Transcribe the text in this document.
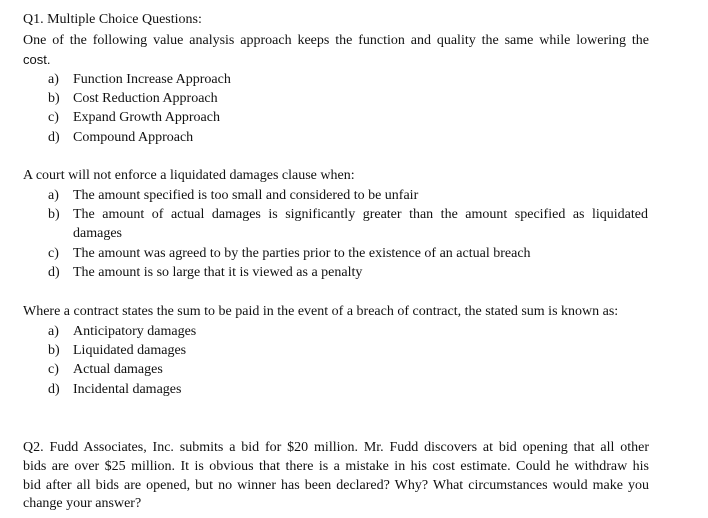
Q1. Multiple Choice Questions:
One of the following value analysis approach keeps the function and quality the same while lowering the
cost.
a) Function Increase Approach
b) Cost Reduction Approach
c) Expand Growth Approach
d) Compound Approach
A court will not enforce a liquidated damages clause when:
a) The amount specified is too small and considered to be unfair
b) The amount of actual damages is significantly greater than the amount specified as liquidated
damages
c) The amount was agreed to by the parties prior to the existence of an actual breach
d) The amount is so large that it is viewed as a penalty
Where a contract states the sum to be paid in the event of a breach of contract, the stated sum is known as:
a) Anticipatory damages
b) Liquidated damages
c) Actual damages
d) Incidental damages
Q2. Fudd Associates, Inc. submits a bid for $20 million. Mr. Fudd discovers at bid opening that all other
bids are over $25 million. It is obvious that there is a mistake in his cost estimate. Could he withdraw his
bid after all bids are opened, but no winner has been declared? Why? What circumstances would make you
change your answer?
